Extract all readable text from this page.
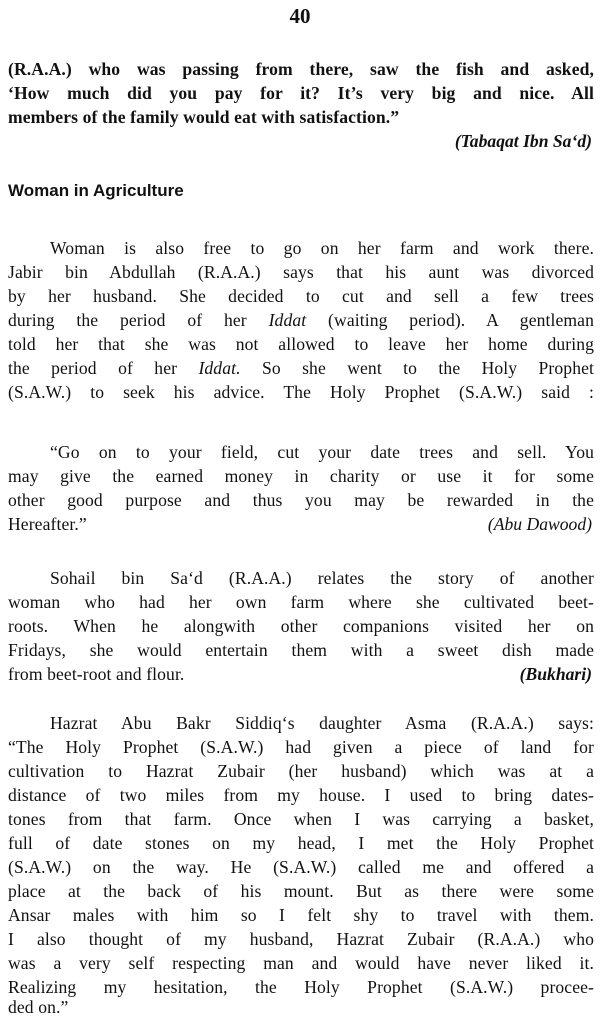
40
(R.A.A.) who was passing from there, saw the fish and asked,
‘How much did you pay for it? It’s very big and nice. All
members of the family would eat with satisfaction.”
(Tabaqat Ibn Sa‘d)
Woman in Agriculture
Woman is also free to go on her farm and work there.
Jabir bin Abdullah (R.A.A.) says that his aunt was divorced
by her husband. She decided to cut and sell a few trees
during the period of her Iddat (waiting period). A gentleman
told her that she was not allowed to leave her home during
the period of her Iddat. So she went to the Holy Prophet
(S.A.W.) to seek his advice. The Holy Prophet (S.A.W.) said :
“Go on to your field, cut your date trees and sell. You
may give the earned money in charity or use it for some
other good purpose and thus you may be rewarded in the
Hereafter.”	(Abu Dawood)
Sohail bin Sa‘d (R.A.A.) relates the story of another
woman who had her own farm where she cultivated beet-
roots. When he alongwith other companions visited her on
Fridays, she would entertain them with a sweet dish made
from beet-root and flour.	(Bukhari)
Hazrat Abu Bakr Siddiq‘s daughter Asma (R.A.A.) says:
“The Holy Prophet (S.A.W.) had given a piece of land for
cultivation to Hazrat Zubair (her husband) which was at a
distance of two miles from my house. I used to bring dates-
tones from that farm. Once when I was carrying a basket,
full of date stones on my head, I met the Holy Prophet
(S.A.W.) on the way. He (S.A.W.) called me and offered a
place at the back of his mount. But as there were some
Ansar males with him so I felt shy to travel with them.
I also thought of my husband, Hazrat Zubair (R.A.A.) who
was a very self respecting man and would have never liked it.
Realizing my hesitation, the Holy Prophet (S.A.W.) procee-
ded on.”
